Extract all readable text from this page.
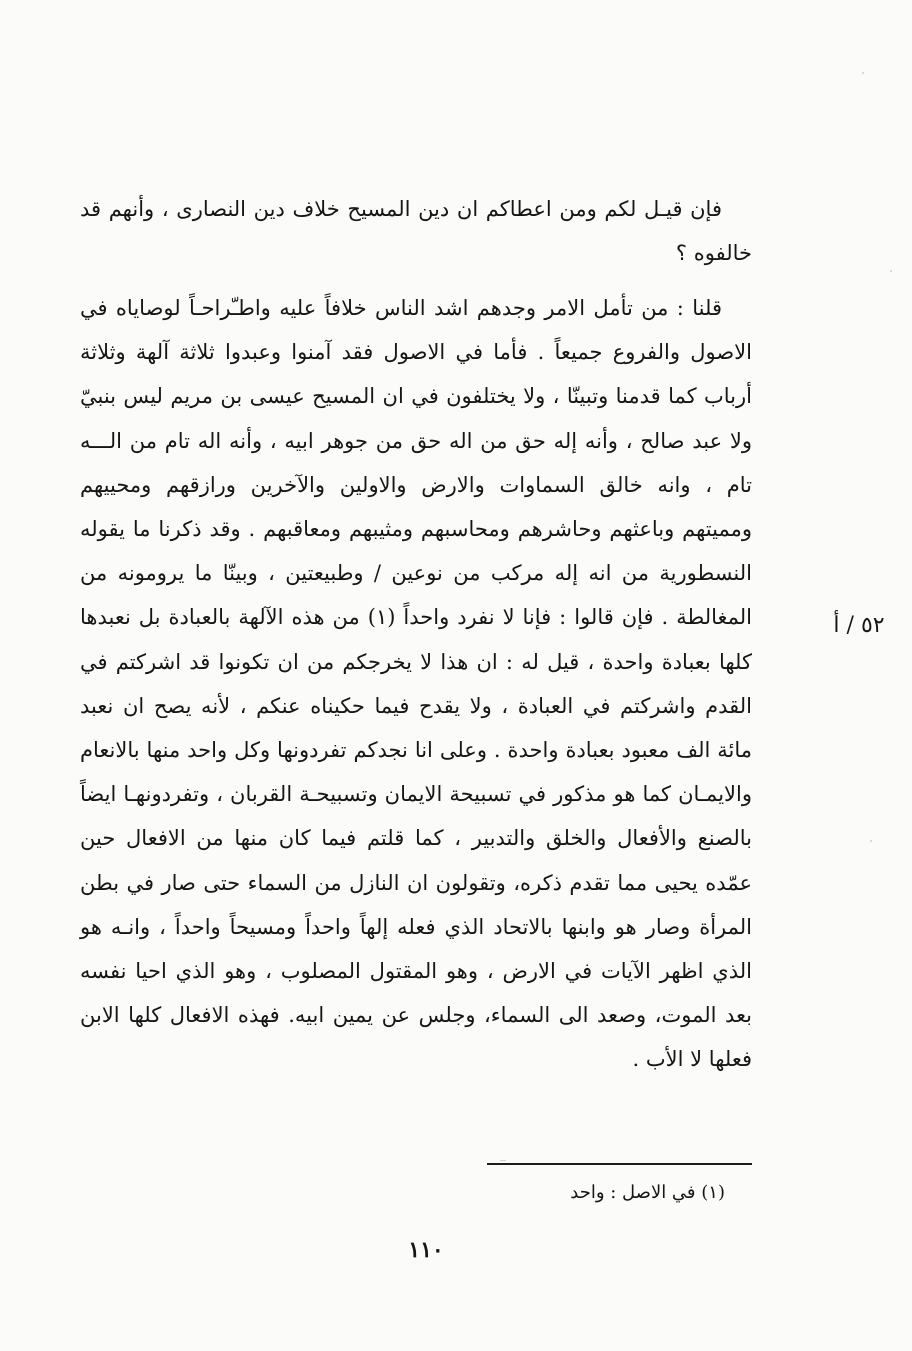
فإن قيـل لكم ومن اعطاكم ان دين المسيح خلاف دين النصارى ، وأنهم قد خالفوه ؟

قلنا : من تأمل الامر وجدهم اشد الناس خلافاً عليه واطـّراحـاً لوصاياه في الاصول والفروع جميعاً . فأما في الاصول فقد آمنوا وعبدوا ثلاثة آلهة وثلاثة أرباب كما قدمنا وتبينّا ، ولا يختلفون في ان المسيح عيسى بن مريم ليس بنبيّ ولا عبد صالح ، وأنه إله حق من اله حق من جوهر ابيه ، وأنه اله تام من الـــه تام ، وانه خالق السماوات والارض والاولين والآخرين ورازقهم ومحييهم ومميتهم وباعثهم وحاشرهم ومحاسبهم ومثيبهم ومعاقبهم . وقد ذكرنا ما يقوله النسطورية من انه إله مركب من نوعين / وطبيعتين ، وبينّا ما يرومونه من المغالطة . فإن قالوا : فإنا لا نفرد واحداً (١) من هذه الآلهة بالعبادة بل نعبدها كلها بعبادة واحدة ، قيل له : ان هذا لا يخرجكم من ان تكونوا قد اشركتم في القدم واشركتم في العبادة ، ولا يقدح فيما حكيناه عنكم ، لأنه يصح ان نعبد مائة الف معبود بعبادة واحدة . وعلى انا نجدكم تفردونها وكل واحد منها بالانعام والايمـان كما هو مذكور في تسبيحة الايمان وتسبيحـة القربان ، وتفردونهـا ايضاً بالصنع والأفعال والخلق والتدبير ، كما قلتم فيما كان منها من الافعال حين عمّده يحيى مما تقدم ذكره، وتقولون ان النازل من السماء حتى صار في بطن المرأة وصار هو وابنها بالاتحاد الذي فعله إلهاً واحداً ومسيحاً واحداً ، وانـه هو الذي اظهر الآيات في الارض ، وهو المقتول المصلوب ، وهو الذي احيا نفسه بعد الموت، وصعد الى السماء، وجلس عن يمين ابيه. فهذه الافعال كلها الابن فعلها لا الأب .

٥٢ / أ
(١) في الاصل : واحد
١١٠
